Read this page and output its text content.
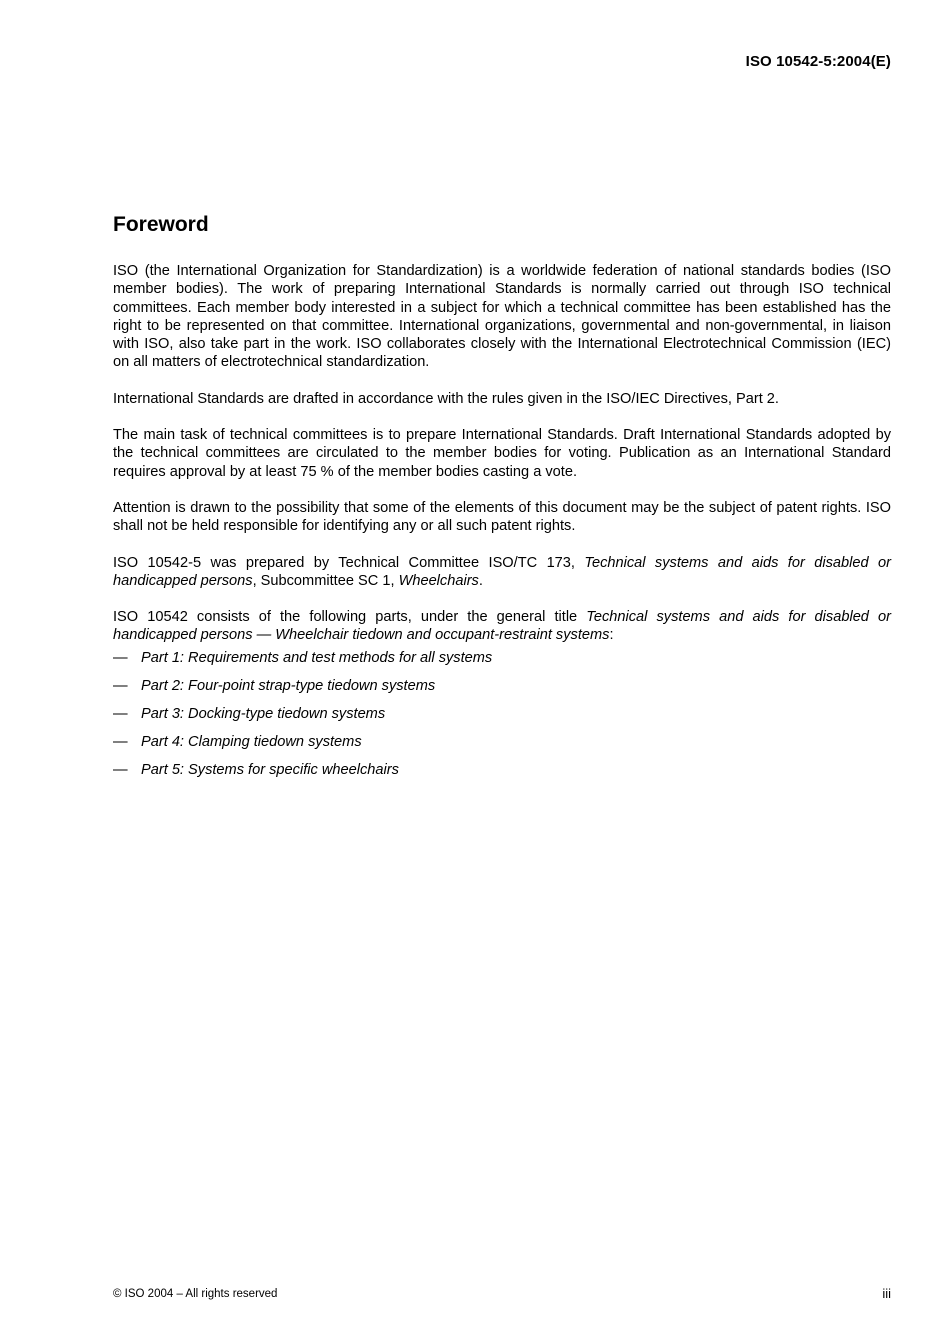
ISO 10542-5:2004(E)
Foreword

ISO (the International Organization for Standardization) is a worldwide federation of national standards bodies (ISO member bodies). The work of preparing International Standards is normally carried out through ISO technical committees. Each member body interested in a subject for which a technical committee has been established has the right to be represented on that committee. International organizations, governmental and non-governmental, in liaison with ISO, also take part in the work. ISO collaborates closely with the International Electrotechnical Commission (IEC) on all matters of electrotechnical standardization.

International Standards are drafted in accordance with the rules given in the ISO/IEC Directives, Part 2.

The main task of technical committees is to prepare International Standards. Draft International Standards adopted by the technical committees are circulated to the member bodies for voting. Publication as an International Standard requires approval by at least 75 % of the member bodies casting a vote.

Attention is drawn to the possibility that some of the elements of this document may be the subject of patent rights. ISO shall not be held responsible for identifying any or all such patent rights.

ISO 10542-5 was prepared by Technical Committee ISO/TC 173, Technical systems and aids for disabled or handicapped persons, Subcommittee SC 1, Wheelchairs.

ISO 10542 consists of the following parts, under the general title Technical systems and aids for disabled or handicapped persons — Wheelchair tiedown and occupant-restraint systems:

— Part 1: Requirements and test methods for all systems
— Part 2: Four-point strap-type tiedown systems
— Part 3: Docking-type tiedown systems
— Part 4: Clamping tiedown systems
— Part 5: Systems for specific wheelchairs
© ISO 2004 – All rights reserved	iii
